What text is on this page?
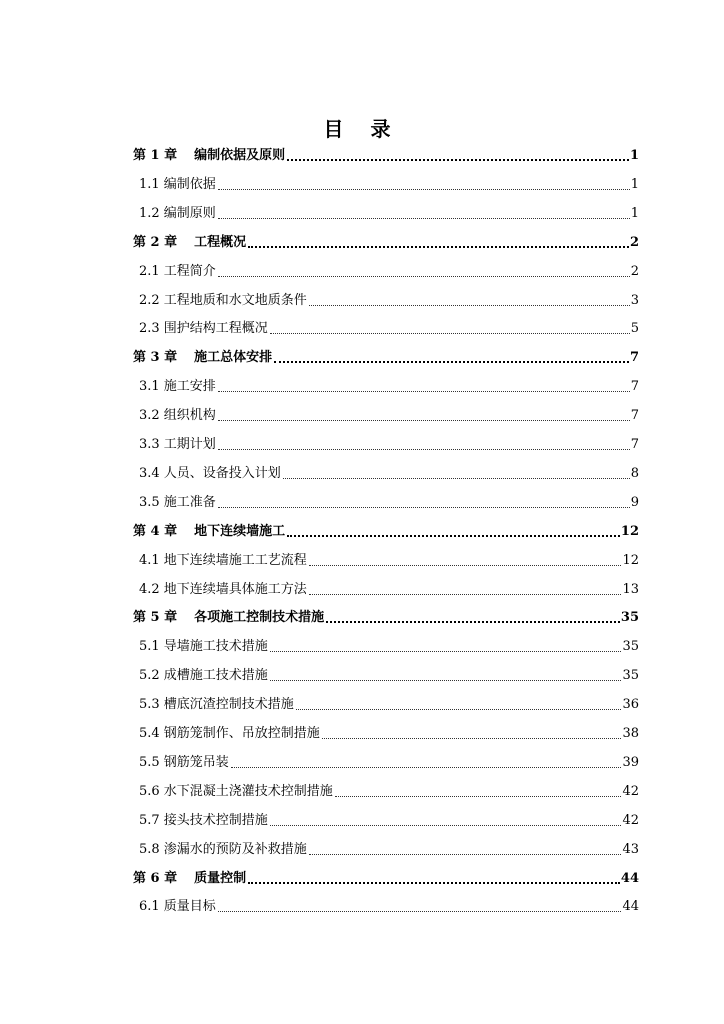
目 录
第 1 章 编制依据及原则	1
1.1 编制依据	1
1.2 编制原则	1
第 2 章 工程概况	2
2.1 工程简介	2
2.2 工程地质和水文地质条件	3
2.3 围护结构工程概况	5
第 3 章 施工总体安排	7
3.1 施工安排	7
3.2 组织机构	7
3.3 工期计划	7
3.4 人员、设备投入计划	8
3.5 施工准备	9
第 4 章 地下连续墙施工	12
4.1 地下连续墙施工工艺流程	12
4.2 地下连续墙具体施工方法	13
第 5 章 各项施工控制技术措施	35
5.1 导墙施工技术措施	35
5.2 成槽施工技术措施	35
5.3 槽底沉渣控制技术措施	36
5.4 钢筋笼制作、吊放控制措施	38
5.5 钢筋笼吊装	39
5.6 水下混凝土浇灌技术控制措施	42
5.7 接头技术控制措施	42
5.8 渗漏水的预防及补救措施	43
第 6 章 质量控制	44
6.1 质量目标	44
